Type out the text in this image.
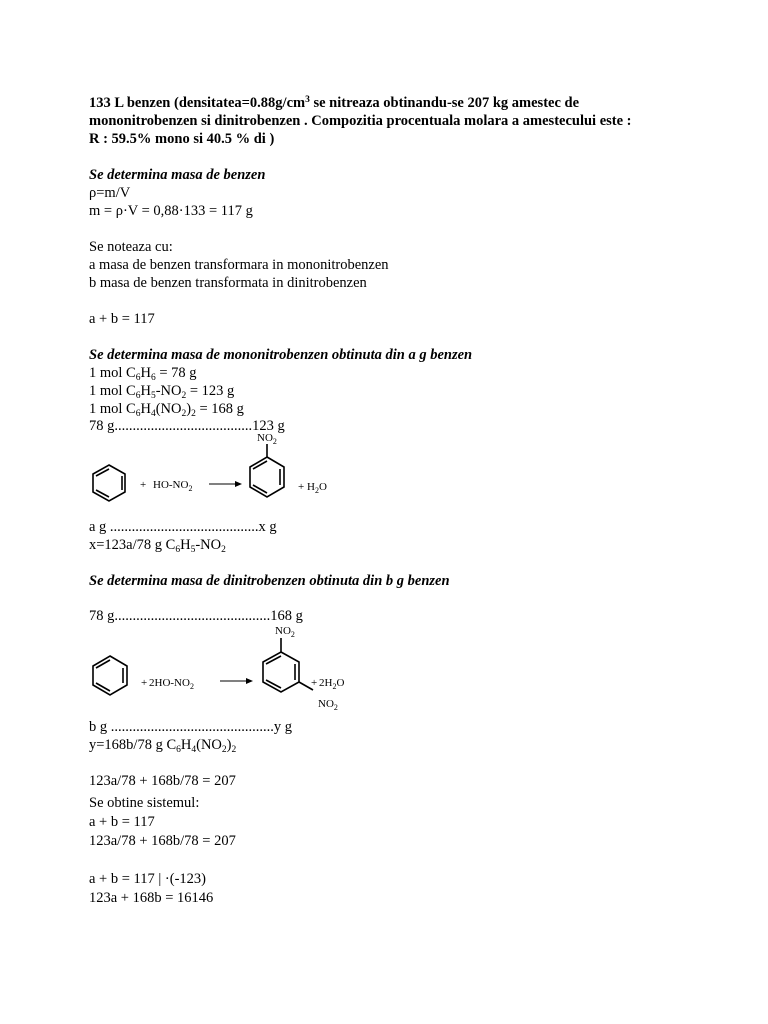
133 L benzen ($densitatea=0.88g/cm^3$ se nitreaza obtinandu-se 207 kg amestec de
mononitrobenzen si dinitrobenzen . Compozitia procentuala molara a amestecului este :
R : 59.5% mono si 40.5 % di )
Se determina masa de benzen
ρ=m/V
m = ρ·V = 0,88·133 = 117 g
Se noteaza cu:
a masa de benzen transformara in mononitrobenzen
b masa de benzen transformata in dinitrobenzen
a + b = 117
Se determina masa de mononitrobenzen obtinuta din a g benzen
1 mol $C_6H_6 = 78$ g
1 mol $C_6H_5-NO_2 = 123$ g
1 mol $C_6H_4(NO_2)_2 = 168$ g
78 g......................................123 g
+ $HO-NO_2$
$NO_2$
+ $H_2O$
a g .........................................x g
x=123a/78 g $C_6H_5-NO_2$
Se determina masa de dinitrobenzen obtinuta din b g benzen
78 g...........................................168 g
+ $2HO-NO_2$
$NO_2$
+ $2H_2O$
$NO_2$
b g .............................................y g
y=168b/78 g $C_6H_4(NO_2)_2$
123a/78 + 168b/78 = 207
Se obtine sistemul:
a + b = 117
123a/78 + 168b/78 = 207
a + b = 117 | ·(-123)
123a + 168b = 16146
